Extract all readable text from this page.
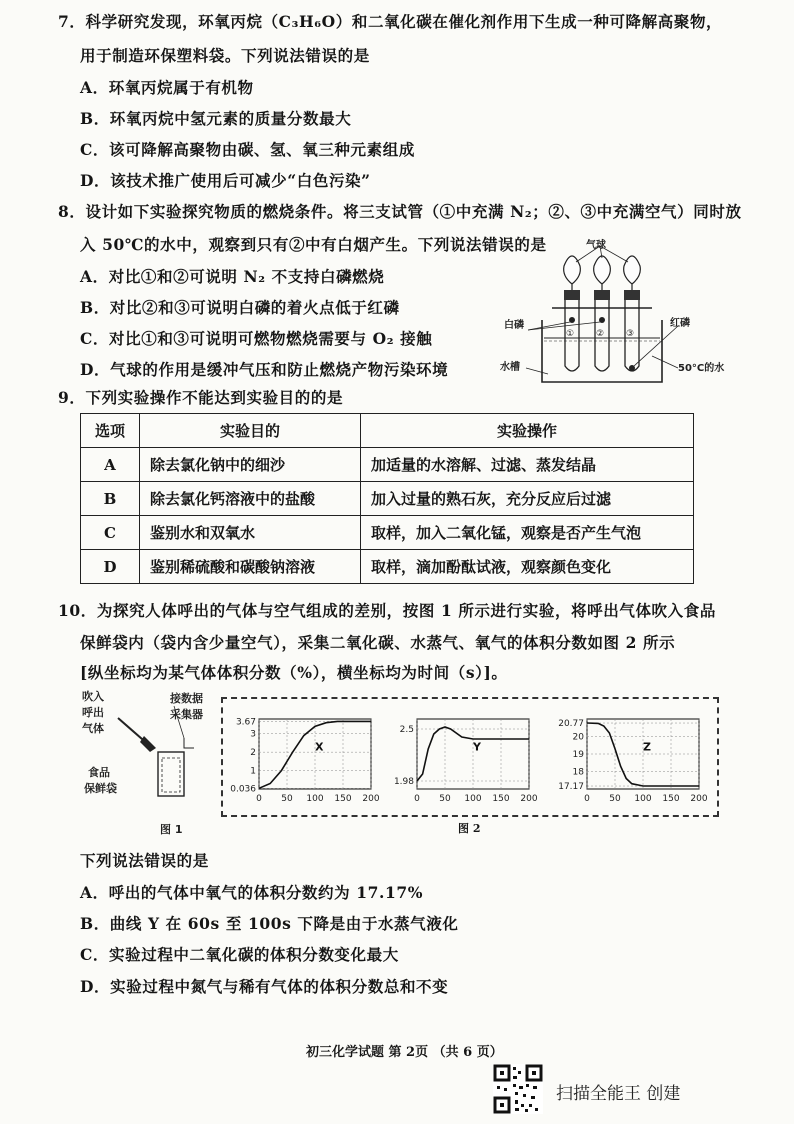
7．科学研究发现，环氧丙烷（C₃H₆O）和二氧化碳在催化剂作用下生成一种可降解高聚物，
用于制造环保塑料袋。下列说法错误的是
A．环氧丙烷属于有机物
B．环氧丙烷中氢元素的质量分数最大
C．该可降解高聚物由碳、氢、氧三种元素组成
D．该技术推广使用后可减少“白色污染”
8．设计如下实验探究物质的燃烧条件。将三支试管（①中充满 N₂；②、③中充满空气）同时放
入 50℃的水中，观察到只有②中有白烟产生。下列说法错误的是
A．对比①和②可说明 N₂ 不支持白磷燃烧
B．对比②和③可说明白磷的着火点低于红磷
C．对比①和③可说明可燃物燃烧需要与 O₂ 接触
D．气球的作用是缓冲气压和防止燃烧产物污染环境
气球
白磷	红磷
水槽	50°C的水
① ② ③
9．下列实验操作不能达到实验目的的是
选项	实验目的	实验操作
A	除去氯化钠中的细沙	加适量的水溶解、过滤、蒸发结晶
B	除去氯化钙溶液中的盐酸	加入过量的熟石灰，充分反应后过滤
C	鉴别水和双氧水	取样，加入二氧化锰，观察是否产生气泡
D	鉴别稀硫酸和碳酸钠溶液	取样，滴加酚酞试液，观察颜色变化
10．为探究人体呼出的气体与空气组成的差别，按图 1 所示进行实验，将呼出气体吹入食品
保鲜袋内（袋内含少量空气），采集二氧化碳、水蒸气、氧气的体积分数如图 2 所示
[纵坐标均为某气体体积分数（%），横坐标均为时间（s）]。
吹入
呼出
气体
接数据
采集器
食品
保鲜袋
图 1
0.036
1
2
3
3.67
0 50 100 150 200
X
1.98
2.5
0 50 100 150 200
Y
17.17
18
19
20
20.77
0 50 100 150 200
Z
图 2
下列说法错误的是
A．呼出的气体中氧气的体积分数约为 17.17%
B．曲线 Y 在 60s 至 100s 下降是由于水蒸气液化
C．实验过程中二氧化碳的体积分数变化最大
D．实验过程中氮气与稀有气体的体积分数总和不变
初三化学试题 第 2页 （共 6 页）
扫描全能王 创建
